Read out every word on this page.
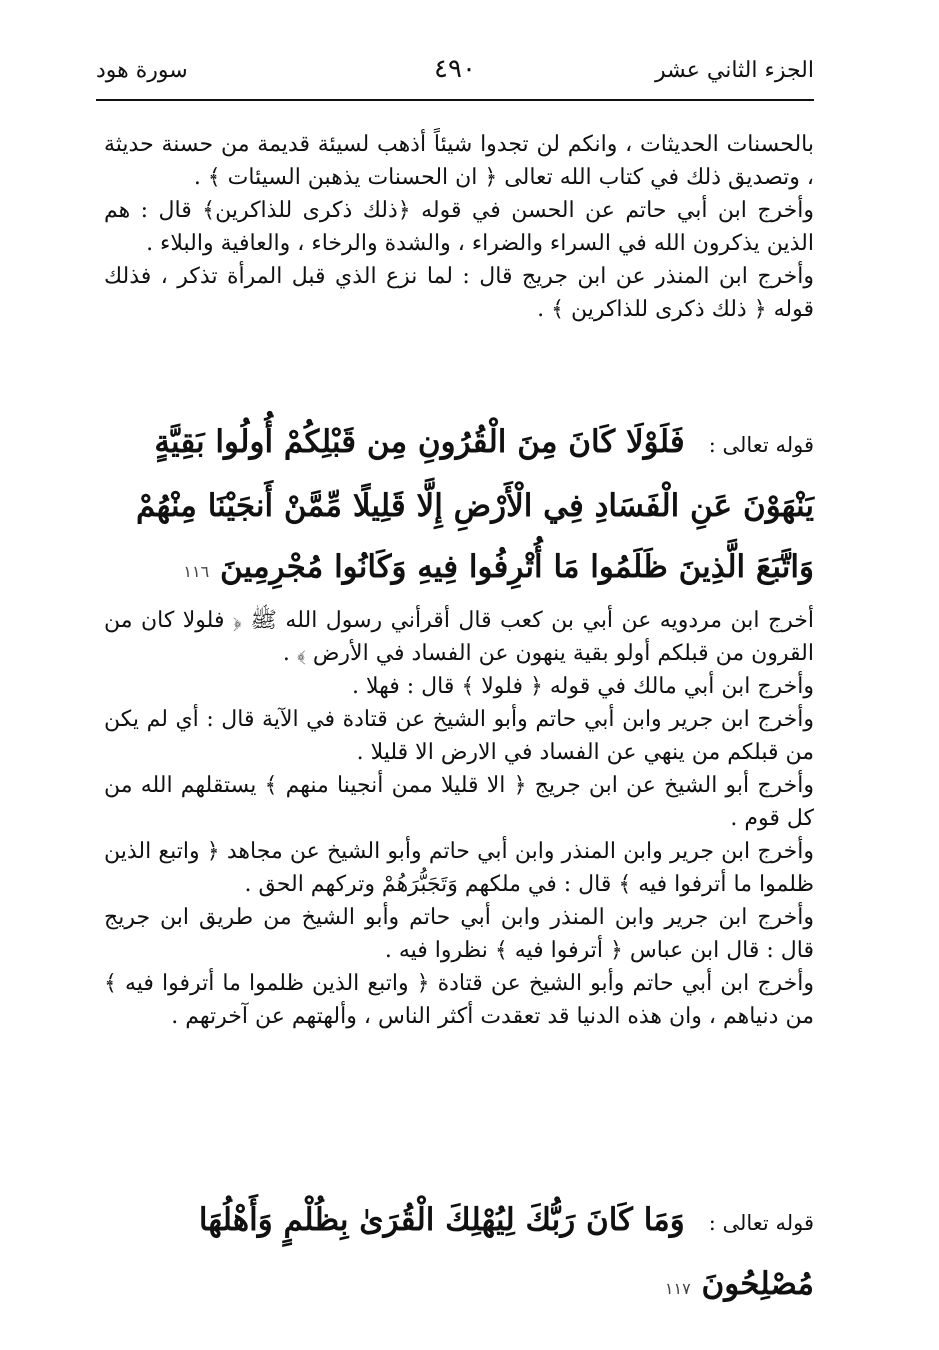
الجزء الثاني عشر
٤٩٠
سورة هود

بالحسنات الحديثات ، وانكم لن تجدوا شيئاً أذهب لسيئة قديمة من حسنة حديثة ، وتصديق ذلك في كتاب الله تعالى ﴿ ان الحسنات يذهبن السيئات ﴾ .

وأخرج ابن أبي حاتم عن الحسن في قوله ﴿ذلك ذكرى للذاكرين﴾ قال : هم الذين يذكرون الله في السراء والضراء ، والشدة والرخاء ، والعافية والبلاء .

وأخرج ابن المنذر عن ابن جريج قال : لما نزع الذي قبل المرأة تذكر ، فذلك قوله ﴿ ذلك ذكرى للذاكرين ﴾ .

قوله تعالى :فَلَوْلَا كَانَ مِنَ الْقُرُونِ مِن قَبْلِكُمْ أُولُوا بَقِيَّةٍ يَنْهَوْنَ عَنِ الْفَسَادِ فِي الْأَرْضِ إِلَّا قَلِيلًا مِّمَّنْ أَنجَيْنَا مِنْهُمْ وَاتَّبَعَ الَّذِينَ ظَلَمُوا مَا أُتْرِفُوا فِيهِ وَكَانُوا مُجْرِمِينَ ١١٦

أخرج ابن مردويه عن أبي بن كعب قال أقرأني رسول الله ﷺ ﴿ فلولا كان من القرون من قبلكم أولو بقية ينهون عن الفساد في الأرض ﴾ .

وأخرج ابن أبي مالك في قوله ﴿ فلولا ﴾ قال : فهلا .

وأخرج ابن جرير وابن أبي حاتم وأبو الشيخ عن قتادة في الآية قال : أي لم يكن من قبلكم من ينهي عن الفساد في الارض الا قليلا .

وأخرج أبو الشيخ عن ابن جريج ﴿ الا قليلا ممن أنجينا منهم ﴾ يستقلهم الله من كل قوم .

وأخرج ابن جرير وابن المنذر وابن أبي حاتم وأبو الشيخ عن مجاهد ﴿ واتبع الذين ظلموا ما أترفوا فيه ﴾ قال : في ملكهم وَتَجَبُّرَهُمْ وتركهم الحق .

وأخرج ابن جرير وابن المنذر وابن أبي حاتم وأبو الشيخ من طريق ابن جريج قال : قال ابن عباس ﴿ أترفوا فيه ﴾ نظروا فيه .

وأخرج ابن أبي حاتم وأبو الشيخ عن قتادة ﴿ واتبع الذين ظلموا ما أترفوا فيه ﴾ من دنياهم ، وان هذه الدنيا قد تعقدت أكثر الناس ، وألهتهم عن آخرتهم .

قوله تعالى :وَمَا كَانَ رَبُّكَ لِيُهْلِكَ الْقُرَىٰ بِظُلْمٍ وَأَهْلُهَا مُصْلِحُونَ ١١٧
